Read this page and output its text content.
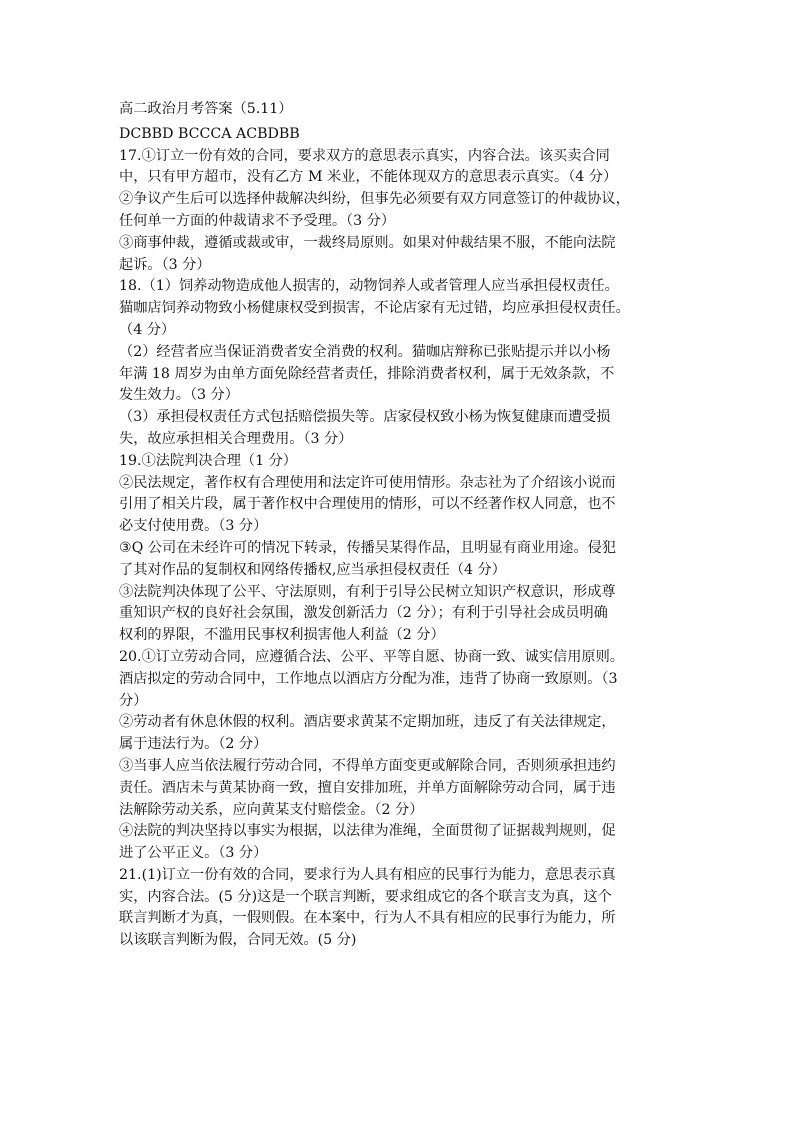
高二政治月考答案（5.11）
DCBBD BCCCA ACBDBB
17.①订立一份有效的合同，要求双方的意思表示真实，内容合法。该买卖合同
中，只有甲方超市，没有乙方 M 米业，不能体现双方的意思表示真实。（4 分）
②争议产生后可以选择仲裁解决纠纷，但事先必须要有双方同意签订的仲裁协议，
任何单一方面的仲裁请求不予受理。（3 分）
③商事仲裁，遵循或裁或审，一裁终局原则。如果对仲裁结果不服，不能向法院
起诉。（3 分）
18.（1）饲养动物造成他人损害的，动物饲养人或者管理人应当承担侵权责任。
猫咖店饲养动物致小杨健康权受到损害，不论店家有无过错，均应承担侵权责任。
（4 分）
（2）经营者应当保证消费者安全消费的权利。猫咖店辩称已张贴提示并以小杨
年满 18 周岁为由单方面免除经营者责任，排除消费者权利，属于无效条款，不
发生效力。（3 分）
（3）承担侵权责任方式包括赔偿损失等。店家侵权致小杨为恢复健康而遭受损
失，故应承担相关合理费用。（3 分）
19.①法院判决合理（1 分）
②民法规定，著作权有合理使用和法定许可使用情形。杂志社为了介绍该小说而
引用了相关片段，属于著作权中合理使用的情形，可以不经著作权人同意，也不
必支付使用费。（3 分）
③Q 公司在未经许可的情况下转录，传播吴某得作品，且明显有商业用途。侵犯
了其对作品的复制权和网络传播权,应当承担侵权责任（4 分）
③法院判决体现了公平、守法原则，有利于引导公民树立知识产权意识，形成尊
重知识产权的良好社会氛围，激发创新活力（2 分）；有利于引导社会成员明确
权利的界限，不滥用民事权利损害他人利益（2 分）
20.①订立劳动合同，应遵循合法、公平、平等自愿、协商一致、诚实信用原则。
酒店拟定的劳动合同中，工作地点以酒店方分配为准，违背了协商一致原则。（3
分）
②劳动者有休息休假的权利。酒店要求黄某不定期加班，违反了有关法律规定，
属于违法行为。（2 分）
③当事人应当依法履行劳动合同，不得单方面变更或解除合同，否则须承担违约
责任。酒店未与黄某协商一致，擅自安排加班，并单方面解除劳动合同，属于违
法解除劳动关系，应向黄某支付赔偿金。（2 分）
④法院的判决坚持以事实为根据，以法律为准绳，全面贯彻了证据裁判规则，促
进了公平正义。（3 分）
21.(1)订立一份有效的合同，要求行为人具有相应的民事行为能力，意思表示真
实，内容合法。(5 分)这是一个联言判断，要求组成它的各个联言支为真，这个
联言判断才为真，一假则假。在本案中，行为人不具有相应的民事行为能力，所
以该联言判断为假，合同无效。(5 分)
